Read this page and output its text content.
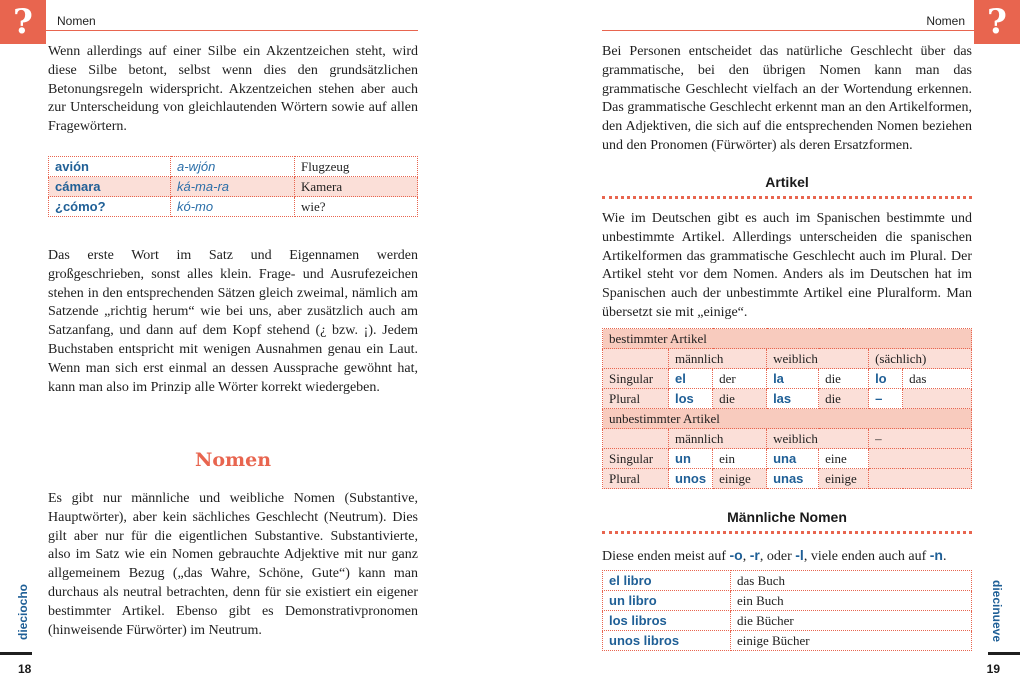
?	Nomen

Wenn allerdings auf einer Silbe ein Akzentzeichen steht, wird diese Silbe betont, selbst wenn dies den grundsätzlichen Betonungsregeln widerspricht. Akzentzeichen stehen aber auch zur Unterscheidung von gleichlautenden Wörtern sowie auf allen Fragewörtern.

avión	a-wjón	Flugzeug
cámara	ká-ma-ra	Kamera
¿cómo?	kó-mo	wie?

Das erste Wort im Satz und Eigennamen werden großgeschrieben, sonst alles klein. Frage- und Ausrufezeichen stehen in den entsprechenden Sätzen gleich zweimal, nämlich am Satzende „richtig herum“ wie bei uns, aber zusätzlich auch am Satzanfang, und dann auf dem Kopf stehend (¿ bzw. ¡). Jedem Buchstaben entspricht mit wenigen Ausnahmen genau ein Laut. Wenn man sich erst einmal an dessen Aussprache gewöhnt hat, kann man also im Prinzip alle Wörter korrekt wiedergeben.

Nomen

Es gibt nur männliche und weibliche Nomen (Substantive, Hauptwörter), aber kein sächliches Geschlecht (Neutrum). Dies gilt aber nur für die eigentlichen Substantive. Substantivierte, also im Satz wie ein Nomen gebrauchte Adjektive mit nur ganz allgemeinem Bezug („das Wahre, Schöne, Gute“) kann man durchaus als neutral betrachten, denn für sie existiert ein eigener bestimmter Artikel. Ebenso gibt es Demonstrativpronomen (hinweisende Fürwörter) im Neutrum.

dieciocho
18
?
Nomen

Bei Personen entscheidet das natürliche Geschlecht über das grammatische, bei den übrigen Nomen kann man das grammatische Geschlecht vielfach an der Wortendung erkennen. Das grammatische Geschlecht erkennt man an den Artikelformen, den Adjektiven, die sich auf die entsprechenden Nomen beziehen und den Pronomen (Fürwörter) als deren Ersatzformen.

Artikel

Wie im Deutschen gibt es auch im Spanischen bestimmte und unbestimmte Artikel. Allerdings unterscheiden die spanischen Artikelformen das grammatische Geschlecht auch im Plural. Der Artikel steht vor dem Nomen. Anders als im Deutschen hat im Spanischen auch der unbestimmte Artikel eine Pluralform. Man übersetzt sie mit „einige“.

bestimmter Artikel						
	männlich		weiblich		(sächlich)	
Singular	el	der	la	die	lo	das
Plural	los	die	las	die	–	
unbestimmter Artikel						
	männlich		weiblich		–	
Singular	un	ein	una	eine		
Plural	unos	einige	unas	einige		
Männliche Nomen

Diese enden meist auf -o, -r, oder -l, viele enden auch auf -n.

el libro	das Buch
un libro	ein Buch
los libros	die Bücher
unos libros	einige Bücher	diecinueve
19
